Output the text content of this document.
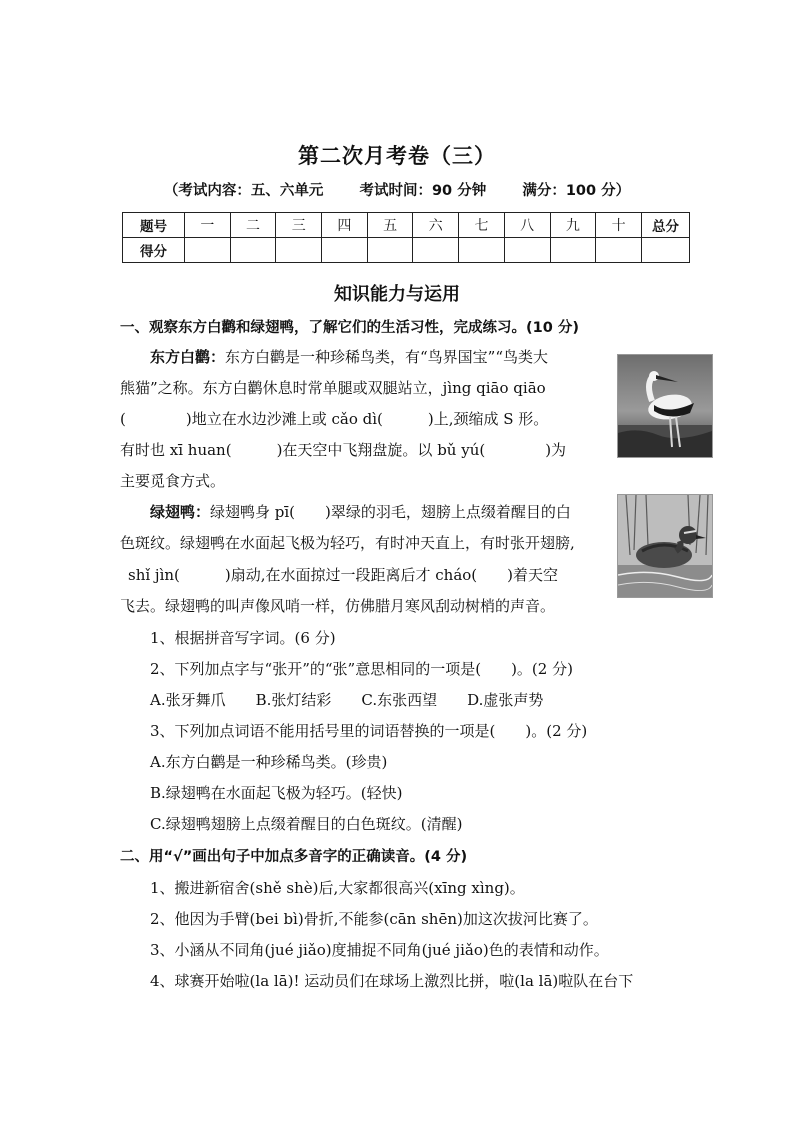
第二次月考卷（三）
（考试内容：五、六单元 考试时间：90 分钟 满分：100 分）
题号	一	二	三	四	五	六	七	八	九	十	总分
得分											
知识能力与运用
一、观察东方白鹳和绿翅鸭，了解它们的生活习性，完成练习。(10 分)
东方白鹳：东方白鹳是一种珍稀鸟类，有“鸟界国宝”“鸟类大
熊猫”之称。东方白鹳休息时常单腿或双腿站立，jìng qiāo qiāo
(　　　　)地立在水边沙滩上或 cǎo dì(　　　)上,颈缩成 S 形。
有时也 xī huan(　　　)在天空中飞翔盘旋。以 bǔ yú(　　　　)为
主要觅食方式。
绿翅鸭：绿翅鸭身 pī(　　)翠绿的羽毛，翅膀上点缀着醒目的白
色斑纹。绿翅鸭在水面起飞极为轻巧，有时冲天直上，有时张开翅膀,
shǐ jìn(　　　)扇动,在水面掠过一段距离后才 cháo(　　)着天空
飞去。绿翅鸭的叫声像风哨一样，仿佛腊月寒风刮动树梢的声音。
1、根据拼音写字词。(6 分)
2、下列加点字与“张开”的“张”意思相同的一项是(　　)。(2 分)
A.张牙舞爪 B.张灯结彩 C.东张西望 D.虚张声势
3、下列加点词语不能用括号里的词语替换的一项是(　　)。(2 分)
A.东方白鹳是一种珍稀鸟类。(珍贵)
B.绿翅鸭在水面起飞极为轻巧。(轻快)
C.绿翅鸭翅膀上点缀着醒目的白色斑纹。(清醒)
二、用“√”画出句子中加点多音字的正确读音。(4 分)
1、搬进新宿舍(shě shè)后,大家都很高兴(xīng xìng)。
2、他因为手臂(bei bì)骨折,不能参(cān shēn)加这次拔河比赛了。
3、小涵从不同角(jué jiǎo)度捕捉不同角(jué jiǎo)色的表情和动作。
4、球赛开始啦(la lā)! 运动员们在球场上激烈比拼，啦(la lā)啦队在台下
